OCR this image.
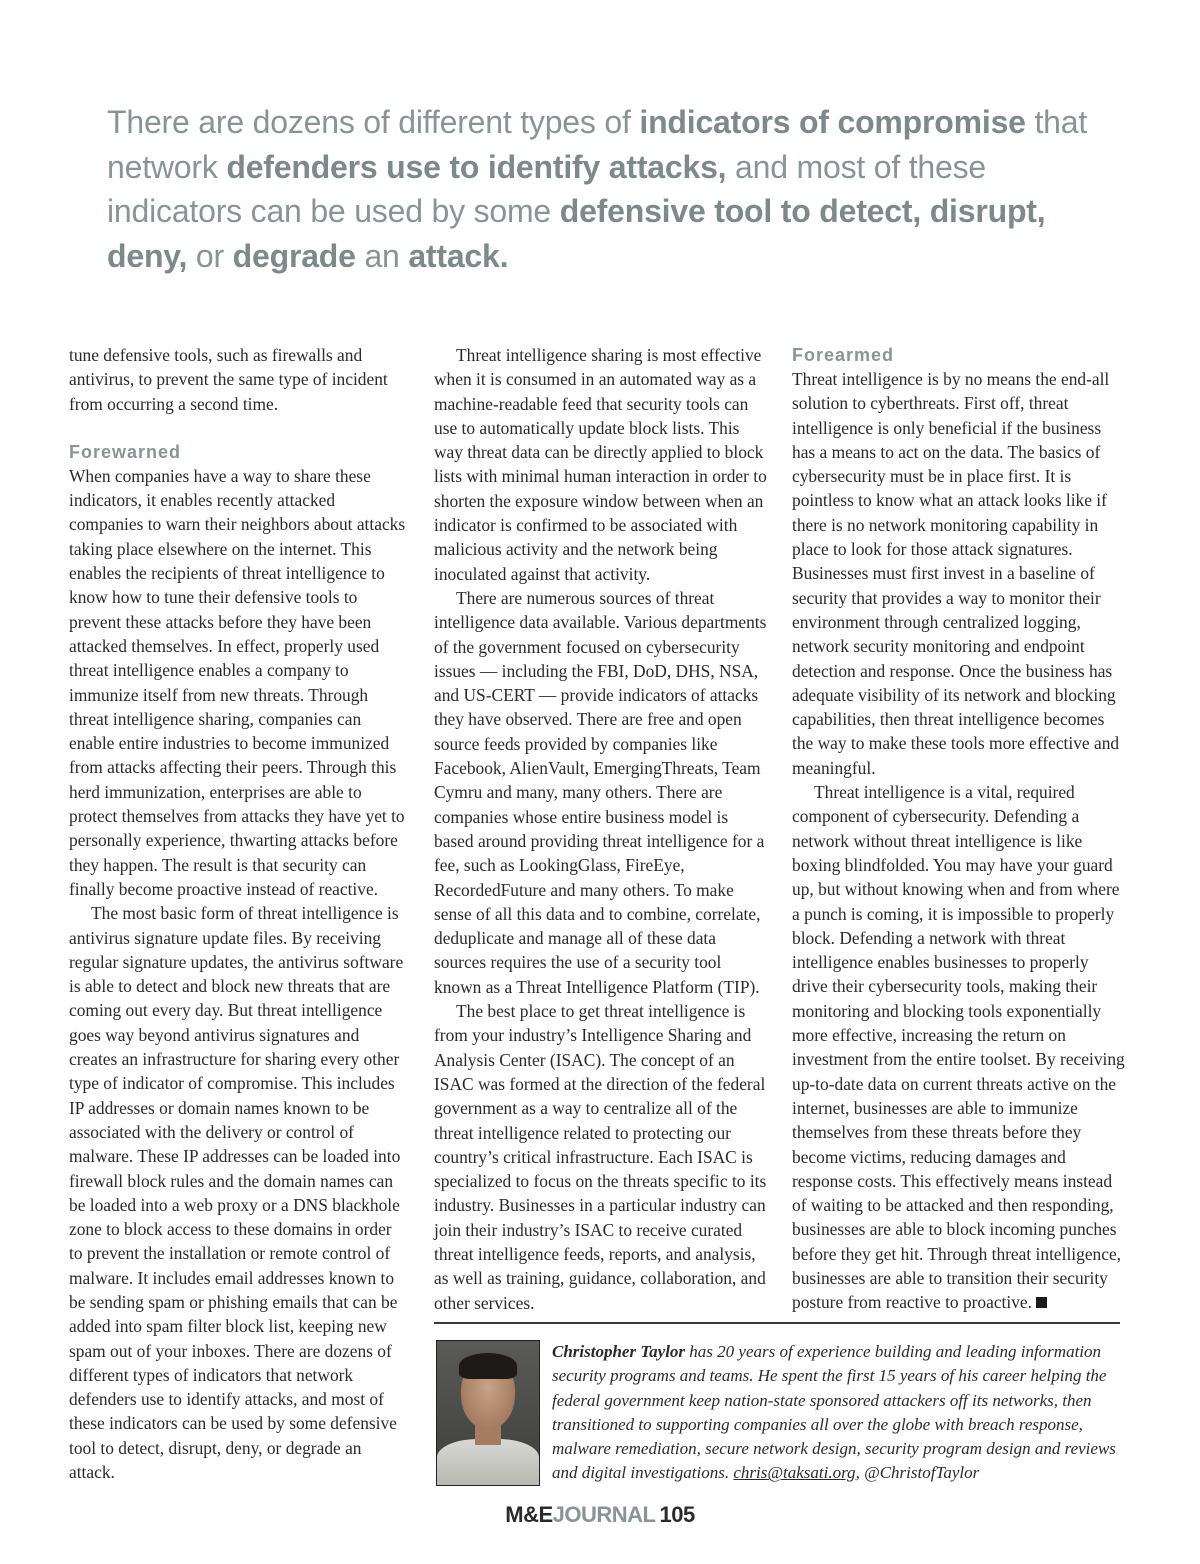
There are dozens of different types of indicators of compromise that network defenders use to identify attacks, and most of these indicators can be used by some defensive tool to detect, disrupt, deny, or degrade an attack.

tune defensive tools, such as firewalls and antivirus, to prevent the same type of incident from occurring a second time.

Forewarned

When companies have a way to share these indicators, it enables recently attacked companies to warn their neighbors about attacks taking place elsewhere on the internet. This enables the recipients of threat intelligence to know how to tune their defensive tools to prevent these attacks before they have been attacked themselves. In effect, properly used threat intelligence enables a company to immunize itself from new threats. Through threat intelligence sharing, companies can enable entire industries to become immunized from attacks affecting their peers. Through this herd immunization, enterprises are able to protect themselves from attacks they have yet to personally experience, thwarting attacks before they happen. The result is that security can finally become proactive instead of reactive.

The most basic form of threat intelligence is antivirus signature update files. By receiving regular signature updates, the antivirus software is able to detect and block new threats that are coming out every day. But threat intelligence goes way beyond antivirus signatures and creates an infrastructure for sharing every other type of indicator of compromise. This includes IP addresses or domain names known to be associated with the delivery or control of malware. These IP addresses can be loaded into firewall block rules and the domain names can be loaded into a web proxy or a DNS blackhole zone to block access to these domains in order to prevent the installation or remote control of malware. It includes email addresses known to be sending spam or phishing emails that can be added into spam filter block list, keeping new spam out of your inboxes. There are dozens of different types of indicators that network defenders use to identify attacks, and most of these indicators can be used by some defensive tool to detect, disrupt, deny, or degrade an attack.

Threat intelligence sharing is most effective when it is consumed in an automated way as a machine-readable feed that security tools can use to automatically update block lists. This way threat data can be directly applied to block lists with minimal human interaction in order to shorten the exposure window between when an indicator is confirmed to be associated with malicious activity and the network being inoculated against that activity.

There are numerous sources of threat intelligence data available. Various departments of the government focused on cybersecurity issues — including the FBI, DoD, DHS, NSA, and US-CERT — provide indicators of attacks they have observed. There are free and open source feeds provided by companies like Facebook, AlienVault, EmergingThreats, Team Cymru and many, many others. There are companies whose entire business model is based around providing threat intelligence for a fee, such as LookingGlass, FireEye, RecordedFuture and many others. To make sense of all this data and to combine, correlate, deduplicate and manage all of these data sources requires the use of a security tool known as a Threat Intelligence Platform (TIP).

The best place to get threat intelligence is from your industry’s Intelligence Sharing and Analysis Center (ISAC). The concept of an ISAC was formed at the direction of the federal government as a way to centralize all of the threat intelligence related to protecting our country’s critical infrastructure. Each ISAC is specialized to focus on the threats specific to its industry. Businesses in a particular industry can join their industry’s ISAC to receive curated threat intelligence feeds, reports, and analysis, as well as training, guidance, collaboration, and other services.

Forearmed

Threat intelligence is by no means the end-all solution to cyberthreats. First off, threat intelligence is only beneficial if the business has a means to act on the data. The basics of cybersecurity must be in place first. It is pointless to know what an attack looks like if there is no network monitoring capability in place to look for those attack signatures. Businesses must first invest in a baseline of security that provides a way to monitor their environment through centralized logging, network security monitoring and endpoint detection and response. Once the business has adequate visibility of its network and blocking capabilities, then threat intelligence becomes the way to make these tools more effective and meaningful.

Threat intelligence is a vital, required component of cybersecurity. Defending a network without threat intelligence is like boxing blindfolded. You may have your guard up, but without knowing when and from where a punch is coming, it is impossible to properly block. Defending a network with threat intelligence enables businesses to properly drive their cybersecurity tools, making their monitoring and blocking tools exponentially more effective, increasing the return on investment from the entire toolset. By receiving up-to-date data on current threats active on the internet, businesses are able to immunize themselves from these threats before they become victims, reducing damages and response costs. This effectively means instead of waiting to be attacked and then responding, businesses are able to block incoming punches before they get hit. Through threat intelligence, businesses are able to transition their security posture from reactive to proactive.

Christopher Taylor has 20 years of experience building and leading information security programs and teams. He spent the first 15 years of his career helping the federal government keep nation-state sponsored attackers off its networks, then transitioned to supporting companies all over the globe with breach response, malware remediation, secure network design, security program design and reviews and digital investigations. chris@taksati.org, @ChristofTaylor
M&EJOURNAL 105
